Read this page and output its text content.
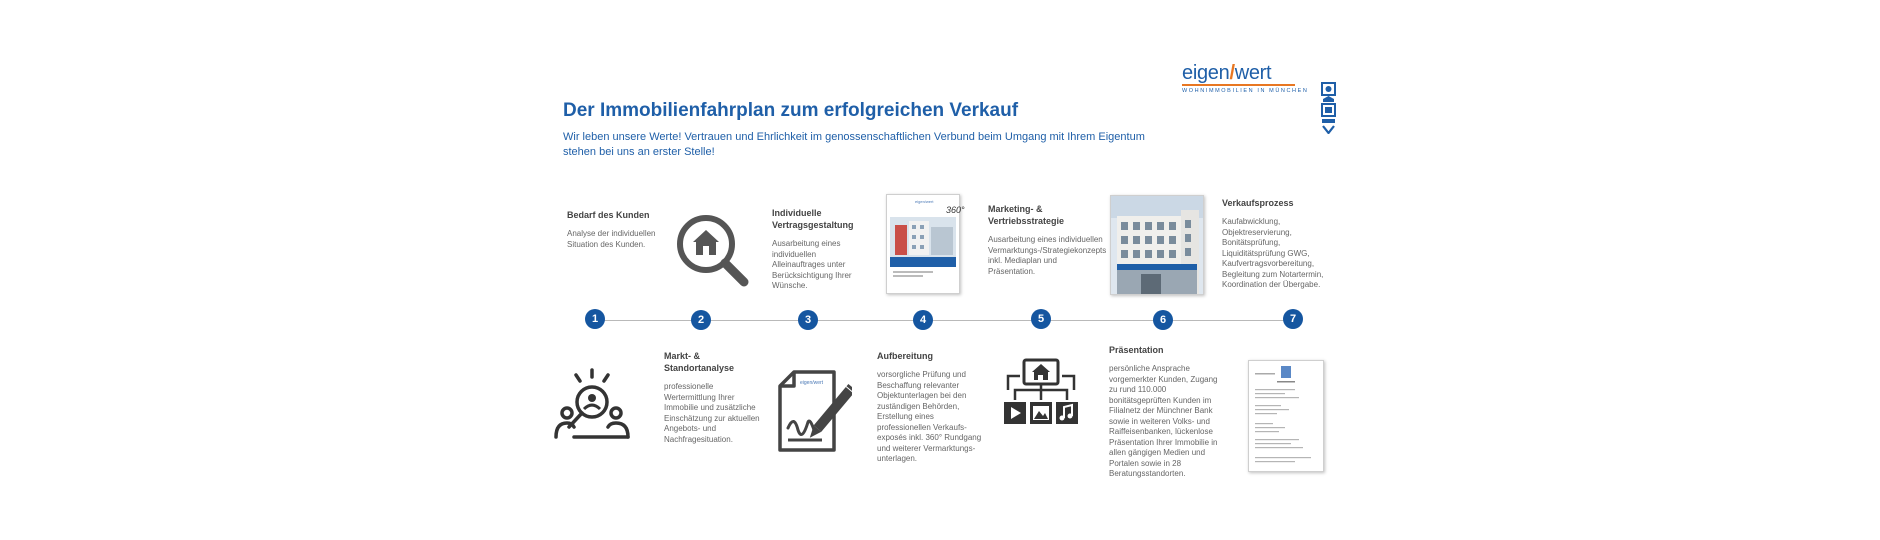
Der Immobilienfahrplan zum erfolgreichen Verkauf
Wir leben unsere Werte! Vertrauen und Ehrlichkeit im genossenschaftlichen Verbund beim Umgang mit Ihrem Eigentum stehen bei uns an erster Stelle!
eigen/wert
WOHNIMMOBILIEN IN MÜNCHEN
Bedarf des Kunden
Analyse der individuellen Situation des Kunden.
Markt- & Standortanalyse
professionelle Wertermittlung Ihrer Immobilie und zusätzliche Einschätzung zur aktuellen Angebots- und Nachfragesituation.
Individuelle Vertragsgestaltung
Ausarbeitung eines individuellen Alleinauftrages unter Berücksichtigung Ihrer Wünsche.
eigen/wert
eigen/wert
360°
Aufbereitung
vorsorgliche Prüfung und Beschaffung relevanter Objektunterlagen bei den zuständigen Behörden, Erstellung eines professionellen Verkaufs-exposés inkl. 360° Rundgang und weiterer Vermarktungs-unterlagen.
Marketing- & Vertriebsstrategie
Ausarbeitung eines individuellen Vermarktungs-/Strategiekonzepts inkl. Mediaplan und Präsentation.
Präsentation
persönliche Ansprache vorgemerkter Kunden, Zugang zu rund 110.000 bonitätsgeprüften Kunden im Filialnetz der Münchner Bank sowie in weiteren Volks- und Raiffeisenbanken, lückenlose Präsentation Ihrer Immobilie in allen gängigen Medien und Portalen sowie in 28 Beratungsstandorten.
Verkaufsprozess
Kaufabwicklung, Objektreservierung, Bonitätsprüfung, Liquiditätsprüfung GWG, Kaufvertragsvorbereitung, Begleitung zum Notartermin, Koordination der Übergabe.
1	2	3	4	5	6	7
